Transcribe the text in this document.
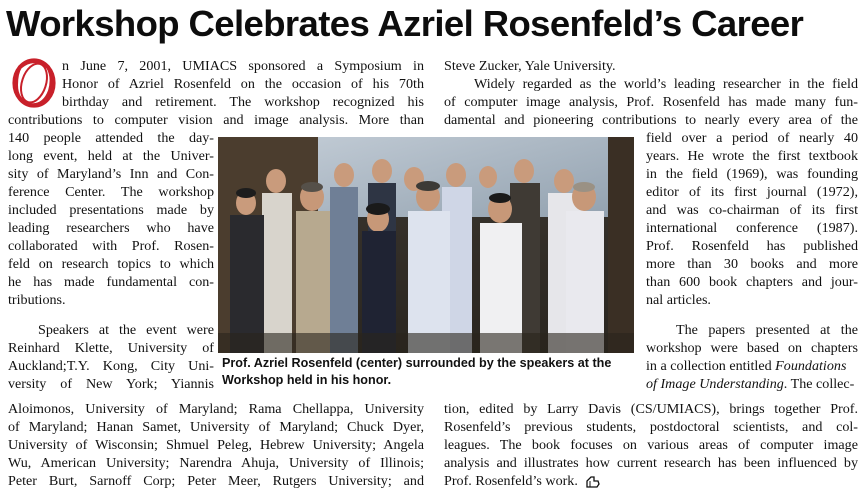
Workshop Celebrates Azriel Rosenfeld’s Career
n June 7, 2001, UMIACS sponsored a Symposium in
Honor of Azriel Rosenfeld on the occasion of his 70th
birthday and retirement. The workshop recognized his
contributions to computer vision and image analysis. More than
140 people attended the day-
long event, held at the Univer-
sity of Maryland’s Inn and Con-
ference Center. The workshop
included presentations made by
leading researchers who have
collaborated with Prof. Rosen-
feld on research topics to which
he has made fundamental con-
tributions.
Speakers at the event were
Reinhard Klette, University of
Auckland;T.Y. Kong, City Uni-
versity of New York; Yiannis
Aloimonos, University of Maryland; Rama Chellappa, University
of Maryland; Hanan Samet, University of Maryland; Chuck Dyer,
University of Wisconsin; Shmuel Peleg, Hebrew University; Angela
Wu, American University; Narendra Ahuja, University of Illinois;
Peter Burt, Sarnoff Corp; Peter Meer, Rutgers University; and
Prof. Azriel Rosenfeld (center) surrounded by the speakers at the
Workshop held in his honor.
Steve Zucker, Yale University.
Widely regarded as the world’s leading researcher in the field
of computer image analysis, Prof. Rosenfeld has made many fun-
damental and pioneering contributions to nearly every area of the
field over a period of nearly 40
years. He wrote the first textbook
in the field (1969), was founding
editor of its first journal (1972),
and was co-chairman of its first
international conference (1987).
Prof. Rosenfeld has published
more than 30 books and more
than 600 book chapters and jour-
nal articles.
The papers presented at the
workshop were based on chapters
in a collection entitled Foundations
of Image Understanding. The collec-
tion, edited by Larry Davis (CS/UMIACS), brings together Prof.
Rosenfeld’s previous students, postdoctoral scientists, and col-
leagues. The book focuses on various areas of computer image
analysis and illustrates how current research has been influenced by
Prof. Rosenfeld’s work.
